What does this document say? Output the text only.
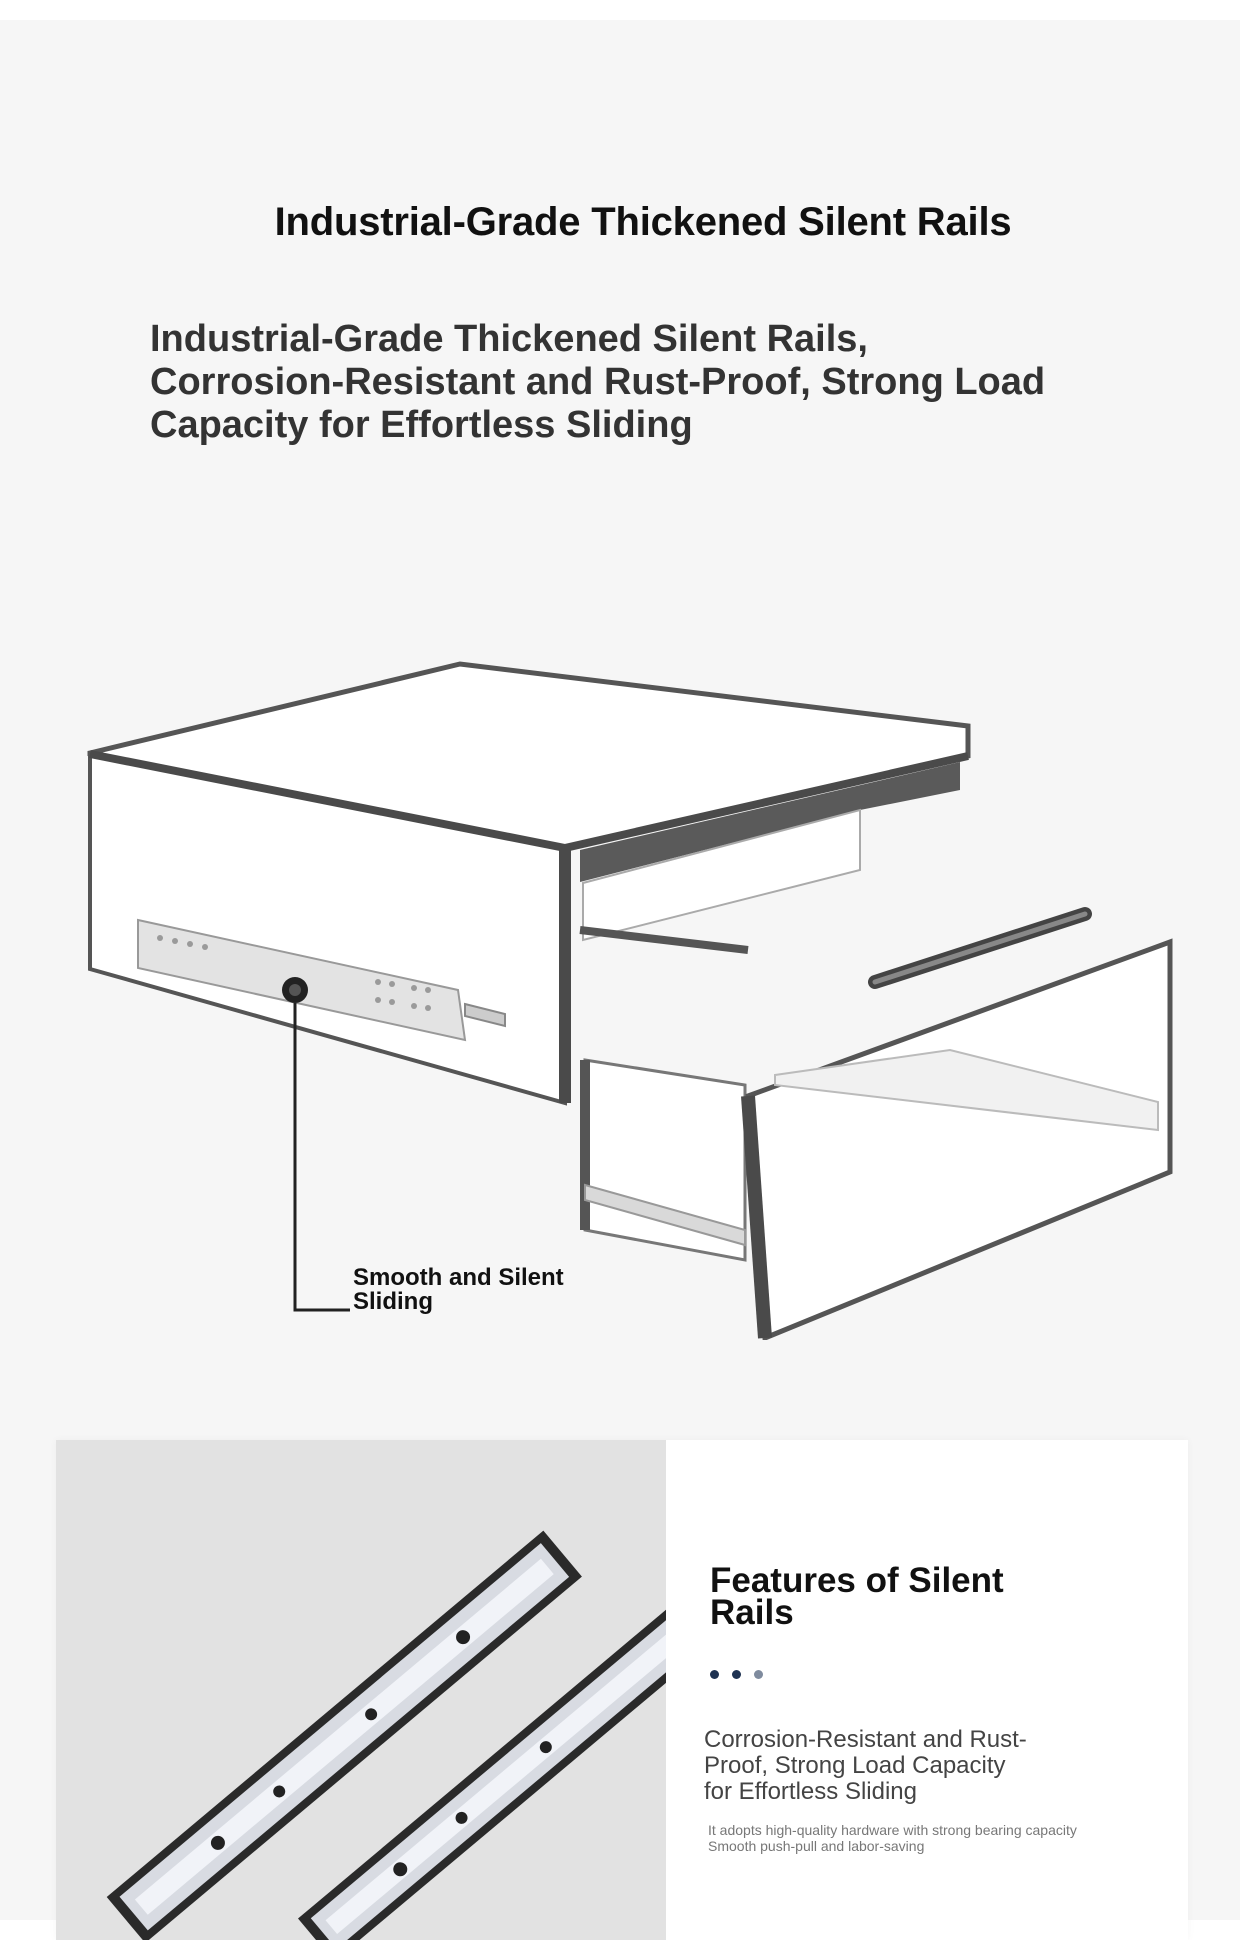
Industrial-Grade Thickened Silent Rails
Industrial-Grade Thickened Silent Rails, Corrosion-Resistant and Rust-Proof, Strong Load Capacity for Effortless Sliding
Smooth and Silent Sliding
Features of Silent Rails
Corrosion-Resistant and Rust-Proof, Strong Load Capacity for Effortless Sliding
It adopts high-quality hardware with strong bearing capacity
Smooth push-pull and labor-saving
